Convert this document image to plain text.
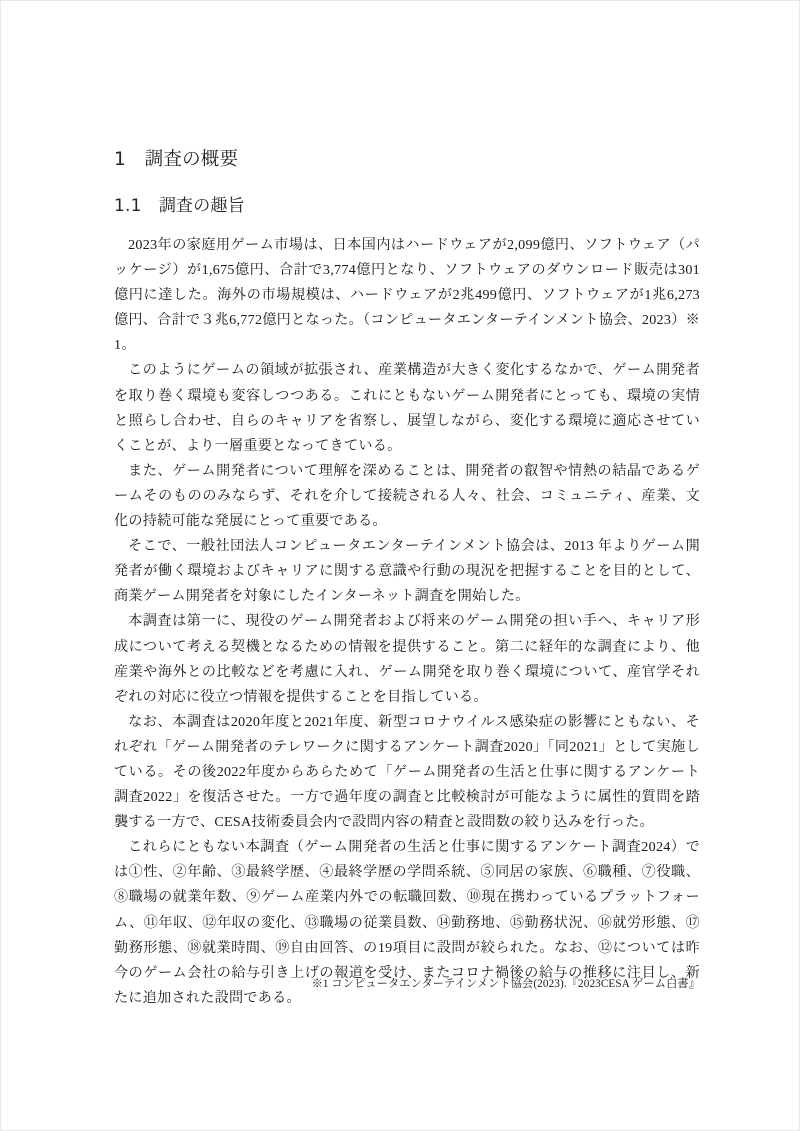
1　調査の概要
1.1　調査の趣旨

2023年の家庭用ゲーム市場は、日本国内はハードウェアが2,099億円、ソフトウェア（パッケージ）が1,675億円、合計で3,774億円となり、ソフトウェアのダウンロード販売は301億円に達した。海外の市場規模は、ハードウェアが2兆499億円、ソフトウェアが1兆6,273億円、合計で３兆6,772億円となった。（コンピュータエンターテインメント協会、2023）※1。

このようにゲームの領域が拡張され、産業構造が大きく変化するなかで、ゲーム開発者を取り巻く環境も変容しつつある。これにともないゲーム開発者にとっても、環境の実情と照らし合わせ、自らのキャリアを省察し、展望しながら、変化する環境に適応させていくことが、より一層重要となってきている。

また、ゲーム開発者について理解を深めることは、開発者の叡智や情熱の結晶であるゲームそのもののみならず、それを介して接続される人々、社会、コミュニティ、産業、文化の持続可能な発展にとって重要である。

そこで、一般社団法人コンピュータエンターテインメント協会は、2013 年よりゲーム開発者が働く環境およびキャリアに関する意識や行動の現況を把握することを目的として、商業ゲーム開発者を対象にしたインターネット調査を開始した。

本調査は第一に、現役のゲーム開発者および将来のゲーム開発の担い手へ、キャリア形成について考える契機となるための情報を提供すること。第二に経年的な調査により、他産業や海外との比較などを考慮に入れ、ゲーム開発を取り巻く環境について、産官学それぞれの対応に役立つ情報を提供することを目指している。

なお、本調査は2020年度と2021年度、新型コロナウイルス感染症の影響にともない、それぞれ「ゲーム開発者のテレワークに関するアンケート調査2020」「同2021」として実施している。その後2022年度からあらためて「ゲーム開発者の生活と仕事に関するアンケート調査2022」を復活させた。一方で過年度の調査と比較検討が可能なように属性的質問を踏襲する一方で、CESA技術委員会内で設問内容の精査と設問数の絞り込みを行った。

これらにともない本調査（ゲーム開発者の生活と仕事に関するアンケート調査2024）では①性、②年齢、③最終学歴、④最終学歴の学問系統、⑤同居の家族、⑥職種、⑦役職、⑧職場の就業年数、⑨ゲーム産業内外での転職回数、⑩現在携わっているプラットフォーム、⑪年収、⑫年収の変化、⑬職場の従業員数、⑭勤務地、⑮勤務状況、⑯就労形態、⑰勤務形態、⑱就業時間、⑲自由回答、の19項目に設問が絞られた。なお、⑫については昨今のゲーム会社の給与引き上げの報道を受け、またコロナ禍後の給与の推移に注目し、新たに追加された設問である。

※1 コンピュータエンターテインメント協会(2023).『2023CESA ゲーム白書』
